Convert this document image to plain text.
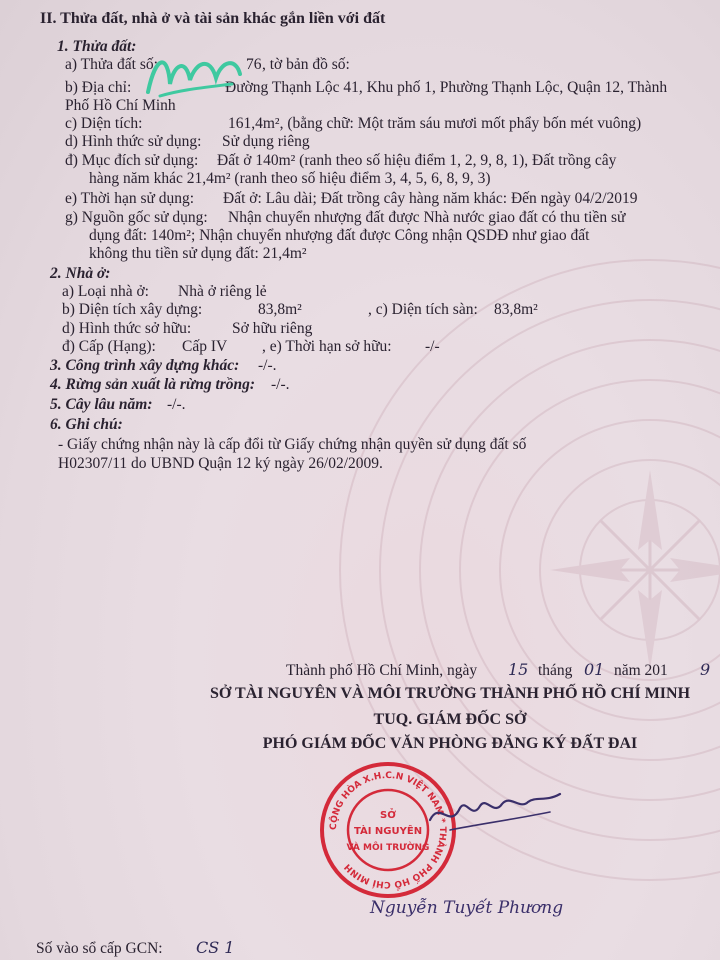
II. Thửa đất, nhà ở và tài sản khác gắn liền với đất
1. Thửa đất:
a) Thửa đất số:	76 , tờ bản đồ số:
b) Địa chỉ:	Đường Thạnh Lộc 41, Khu phố 1, Phường Thạnh Lộc, Quận 12, Thành
Phố Hồ Chí Minh
c) Diện tích:	161,4m², (bằng chữ: Một trăm sáu mươi mốt phẩy bốn mét vuông)
d) Hình thức sử dụng: Sử dụng riêng
đ) Mục đích sử dụng: Đất ở 140m² (ranh theo số hiệu điểm 1, 2, 9, 8, 1), Đất trồng cây
hàng năm khác 21,4m² (ranh theo số hiệu điểm 3, 4, 5, 6, 8, 9, 3)
e) Thời hạn sử dụng: Đất ở: Lâu dài; Đất trồng cây hàng năm khác: Đến ngày 04/2/2019
g) Nguồn gốc sử dụng: Nhận chuyển nhượng đất được Nhà nước giao đất có thu tiền sử
dụng đất: 140m²; Nhận chuyển nhượng đất được Công nhận QSDĐ như giao đất
không thu tiền sử dụng đất: 21,4m²
2. Nhà ở:
a) Loại nhà ở: Nhà ở riêng lẻ
b) Diện tích xây dựng:	83,8m²	, c) Diện tích sàn: 83,8m²
d) Hình thức sở hữu:	Sở hữu riêng
đ) Cấp (Hạng): Cấp IV , e) Thời hạn sở hữu: -/-
3. Công trình xây dựng khác: -/-.
4. Rừng sản xuất là rừng trồng: -/-.
5. Cây lâu năm: -/-.
6. Ghi chú:
- Giấy chứng nhận này là cấp đổi từ Giấy chứng nhận quyền sử dụng đất số
H02307/11 do UBND Quận 12 ký ngày 26/02/2009.
Thành phố Hồ Chí Minh, ngày 15 tháng 01 năm 201 9
SỞ TÀI NGUYÊN VÀ MÔI TRƯỜNG THÀNH PHỐ HỒ CHÍ MINH
TUQ. GIÁM ĐỐC SỞ
PHÓ GIÁM ĐỐC VĂN PHÒNG ĐĂNG KÝ ĐẤT ĐAI
CỘNG HÒA X.H.C.N VIỆT NAM * THÀNH PHỐ HỒ CHÍ MINH
SỞ
TÀI NGUYÊN
VÀ MÔI TRƯỜNG
Nguyễn Tuyết Phương
Số vào sổ cấp GCN: CS 1
